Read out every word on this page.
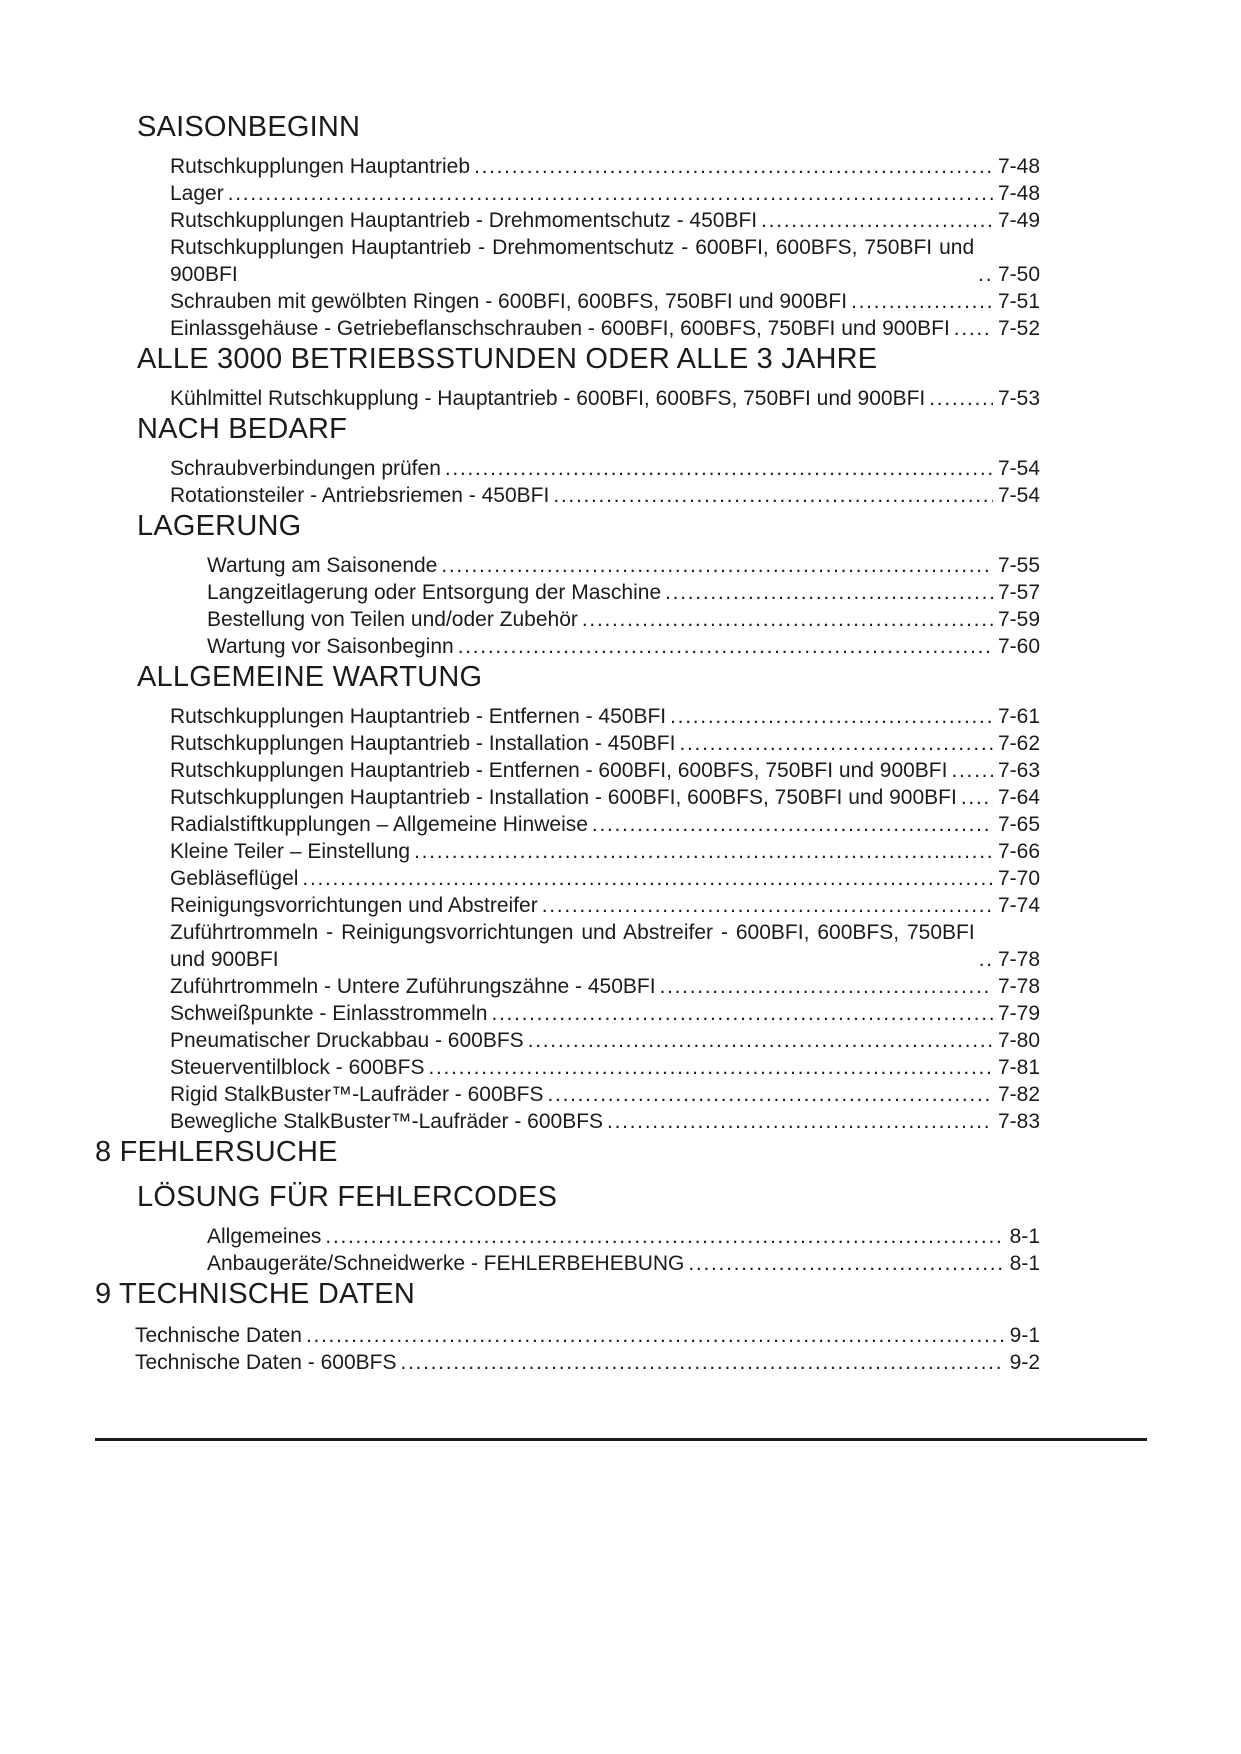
SAISONBEGINN
Rutschkupplungen Hauptantrieb .....	7-48
Lager .....	7-48
Rutschkupplungen Hauptantrieb - Drehmomentschutz - 450BFI .....	7-49
Rutschkupplungen Hauptantrieb - Drehmomentschutz - 600BFI, 600BFS, 750BFI und 900BFI .....	7-50
Schrauben mit gewölbten Ringen - 600BFI, 600BFS, 750BFI und 900BFI .....	7-51
Einlassgehäuse - Getriebeflanschschrauben - 600BFI, 600BFS, 750BFI und 900BFI ..... 7-52
ALLE 3000 BETRIEBSSTUNDEN ODER ALLE 3 JAHRE
Kühlmittel Rutschkupplung - Hauptantrieb - 600BFI, 600BFS, 750BFI und 900BFI .....	7-53
NACH BEDARF
Schraubverbindungen prüfen .....	7-54
Rotationsteiler - Antriebsriemen - 450BFI .....	7-54
LAGERUNG
Wartung am Saisonende .....	7-55
Langzeitlagerung oder Entsorgung der Maschine .....	7-57
Bestellung von Teilen und/oder Zubehör .....	7-59
Wartung vor Saisonbeginn .....	7-60
ALLGEMEINE WARTUNG
Rutschkupplungen Hauptantrieb - Entfernen - 450BFI .....	7-61
Rutschkupplungen Hauptantrieb - Installation - 450BFI .....	7-62
Rutschkupplungen Hauptantrieb - Entfernen - 600BFI, 600BFS, 750BFI und 900BFI ..... 7-63
Rutschkupplungen Hauptantrieb - Installation - 600BFI, 600BFS, 750BFI und 900BFI ..... 7-64
Radialstiftkupplungen – Allgemeine Hinweise .....	7-65
Kleine Teiler – Einstellung .....	7-66
Gebläseflügel .....	7-70
Reinigungsvorrichtungen und Abstreifer .....	7-74
Zuführtrommeln - Reinigungsvorrichtungen und Abstreifer - 600BFI, 600BFS, 750BFI und 900BFI .....	7-78
Zuführtrommeln - Untere Zuführungszähne - 450BFI .....	7-78
Schweißpunkte - Einlasstrommeln .....	7-79
Pneumatischer Druckabbau - 600BFS .....	7-80
Steuerventilblock - 600BFS .....	7-81
Rigid StalkBuster™-Laufräder - 600BFS .....	7-82
Bewegliche StalkBuster™-Laufräder - 600BFS .....	7-83
8 FEHLERSUCHE
LÖSUNG FÜR FEHLERCODES
Allgemeines .....	8-1
Anbaugeräte/Schneidwerke - FEHLERBEHEBUNG .....	8-1
9 TECHNISCHE DATEN
Technische Daten .....	9-1
Technische Daten - 600BFS .....	9-2
